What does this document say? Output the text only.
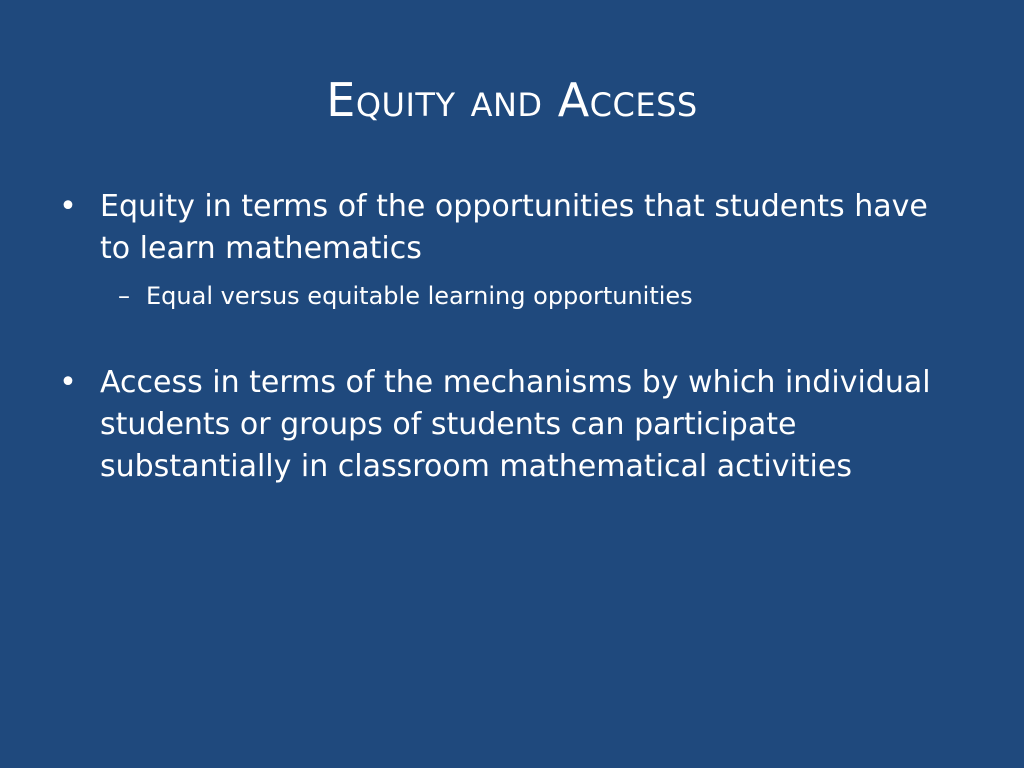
Equity and Access

• Equity in terms of the opportunities that students have to learn mathematics

– Equal versus equitable learning opportunities

• Access in terms of the mechanisms by which individual students or groups of students can participate substantially in classroom mathematical activities
